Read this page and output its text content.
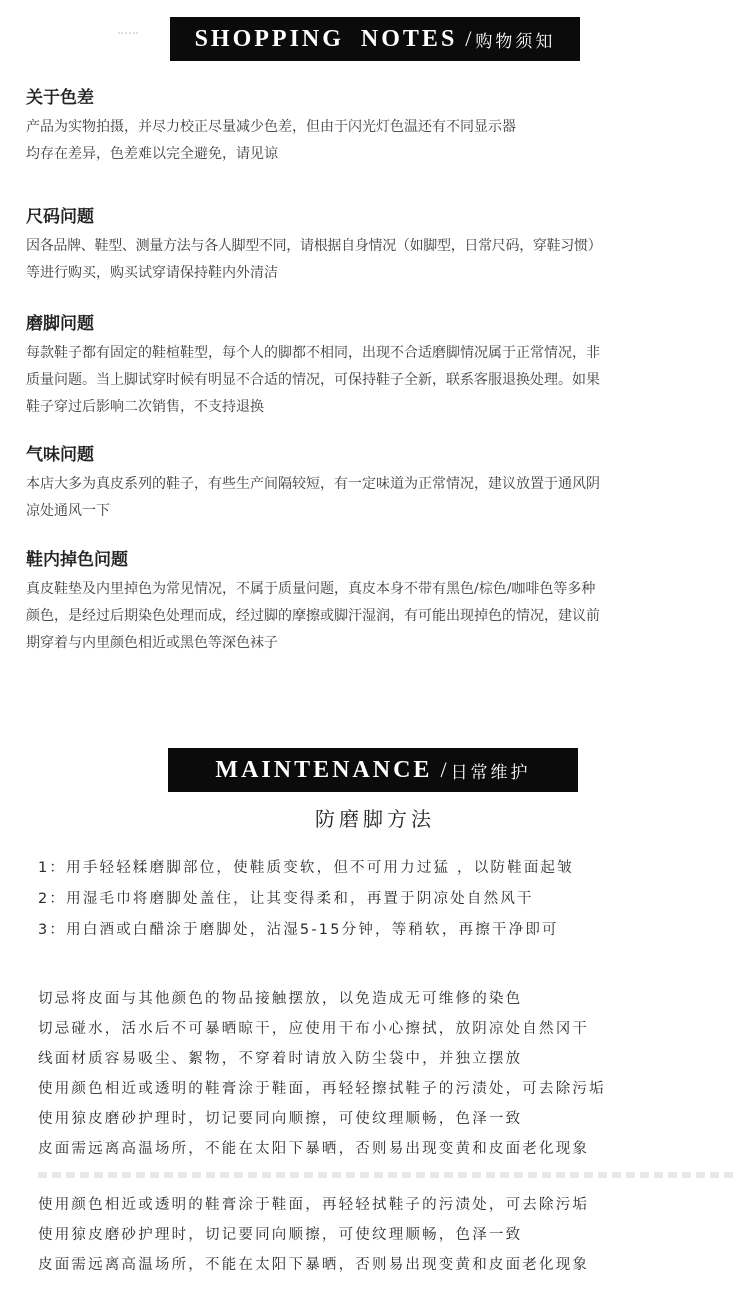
SHOPPING NOTES / 购物须知
关于色差

产品为实物拍摄，并尽力校正尽量减少色差，但由于闪光灯色温还有不同显示器
均存在差异，色差难以完全避免，请见谅

尺码问题

因各品牌、鞋型、测量方法与各人脚型不同，请根据自身情况（如脚型，日常尺码，穿鞋习惯）
等进行购买，购买试穿请保持鞋内外清洁

磨脚问题

每款鞋子都有固定的鞋楦鞋型，每个人的脚都不相同，出现不合适磨脚情况属于正常情况，非
质量问题。当上脚试穿时候有明显不合适的情况，可保持鞋子全新，联系客服退换处理。如果
鞋子穿过后影响二次销售，不支持退换

气味问题

本店大多为真皮系列的鞋子，有些生产间隔较短，有一定味道为正常情况，建议放置于通风阴
凉处通风一下

鞋内掉色问题

真皮鞋垫及内里掉色为常见情况，不属于质量问题，真皮本身不带有黑色/棕色/咖啡色等多种
颜色，是经过后期染色处理而成，经过脚的摩擦或脚汗湿润，有可能出现掉色的情况，建议前
期穿着与内里颜色相近或黑色等深色袜子

MAINTENANCE / 日常维护
防磨脚方法
1：用手轻轻糅磨脚部位，使鞋质变软，但不可用力过猛 ，以防鞋面起皱
2：用湿毛巾将磨脚处盖住，让其变得柔和，再置于阴凉处自然风干
3：用白酒或白醋涂于磨脚处，沾湿5-15分钟，等稍软，再擦干净即可
切忌将皮面与其他颜色的物品接触摆放，以免造成无可维修的染色
切忌碰水，活水后不可暴晒晾干，应使用干布小心擦拭，放阴凉处自然冈干
线面材质容易吸尘、絮物，不穿着时请放入防尘袋中，并独立摆放
使用颜色相近或透明的鞋膏涂于鞋面，再轻轻擦拭鞋子的污渍处，可去除污垢
使用猄皮磨砂护理时，切记要同向顺擦，可使纹理顺畅，色泽一致
皮面需远离高温场所，不能在太阳下暴晒，否则易出现变黄和皮面老化现象
使用颜色相近或透明的鞋膏涂于鞋面，再轻轻拭鞋子的污渍处，可去除污垢
使用猄皮磨砂护理时，切记要同向顺擦，可使纹理顺畅，色泽一致
皮面需远离高温场所，不能在太阳下暴晒，否则易出现变黄和皮面老化现象
